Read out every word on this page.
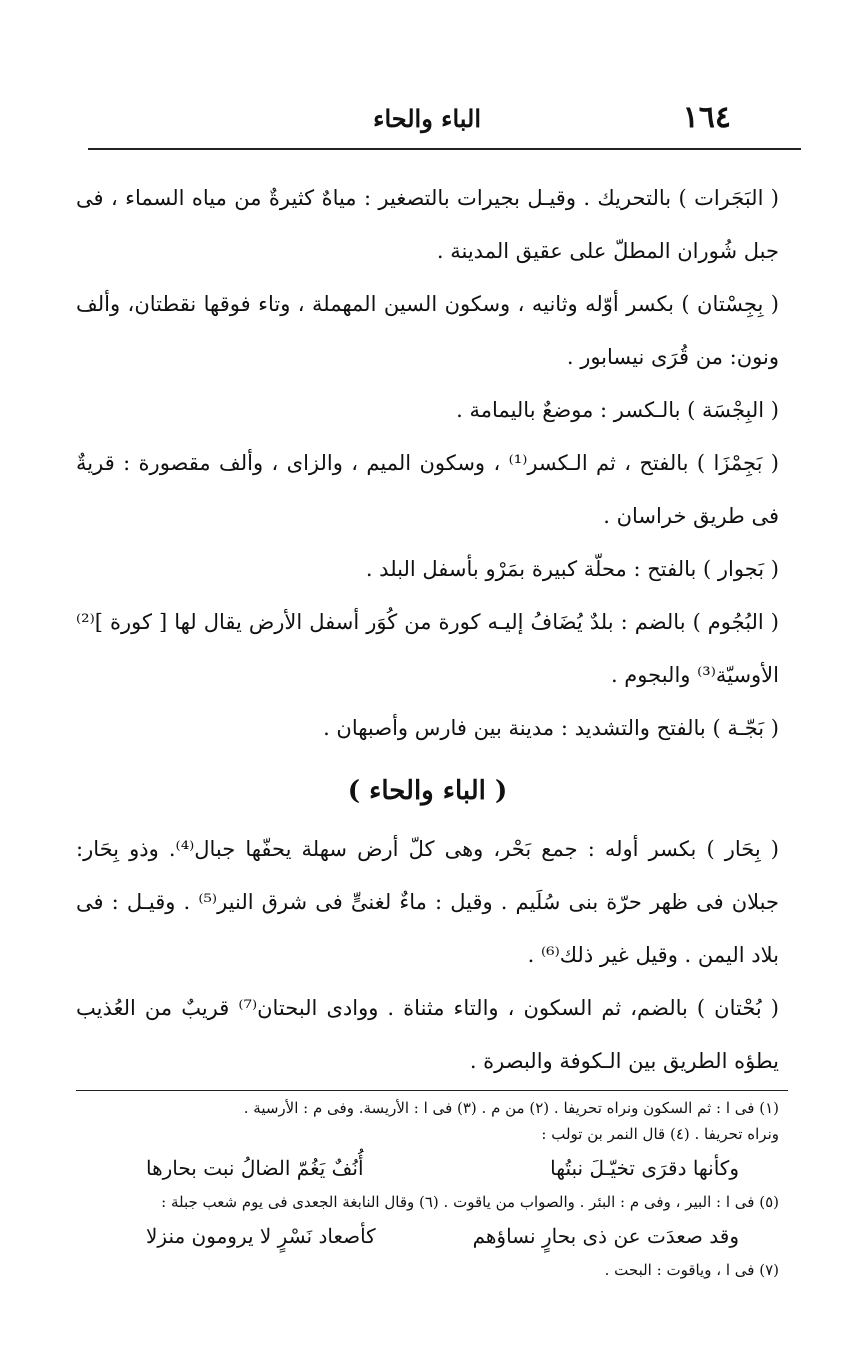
١٦٤
الباء والحاء

( البَجَرات ) بالتحريك . وقيـل بجيرات بالتصغير : مياهٌ كثيرةٌ من مياه السماء ، فى جبل شُوران المطلّ على عقيق المدينة .

( بِجِسْتان ) بكسر أوّله وثانيه ، وسكون السين المهملة ، وتاء فوقها نقطتان، وألف ونون: من قُرَى نيسابور .

( البِجْسَة ) بالـكسر : موضعٌ باليمامة .

( بَجِمْزَا ) بالفتح ، ثم الـكسر⁽¹⁾ ، وسكون الميم ، والزاى ، وألف مقصورة : قريةٌ فى طريق خراسان .

( بَجوار ) بالفتح : محلّة كبيرة بمَرْو بأسفل البلد .

( البُجُوم ) بالضم : بلدٌ يُضَافُ إليـه كورة من كُوَر أسفل الأرض يقال لها [ كورة ]⁽²⁾ الأوسيّة⁽³⁾ والبجوم .

( بَجّـة ) بالفتح والتشديد : مدينة بين فارس وأصبهان .

( الباء والحاء )

( بِحَار ) بكسر أوله : جمع بَحْر، وهى كلّ أرض سهلة يحفّها جبال⁽⁴⁾. وذو بِحَار: جبلان فى ظهر حرّة بنى سُلَيم . وقيل : ماءٌ لغنىٍّ فى شرق النير⁽⁵⁾ . وقيـل : فى بلاد اليمن . وقيل غير ذلك⁽⁶⁾ .

( بُحْتان ) بالضم، ثم السكون ، والتاء مثناة . ووادى البحتان⁽⁷⁾ قريبٌ من العُذيب يطؤه الطريق بين الـكوفة والبصرة .

(١) فى ا : ثم السكون ونراه تحريفا . (٢) من م . (٣) فى ا : الأريسة. وفى م : الأرسية .

ونراه تحريفا . (٤) قال النمر بن تولب :

وكأنها دقرَى تخيّـلَ نبتُها
أُنُفٌ يَغُمّ الضالُ نبت بحارها

(٥) فى ا : البير ، وفى م : البئر . والصواب من ياقوت . (٦) وقال النابغة الجعدى فى يوم شعب جبلة :

وقد صعدَت عن ذى بحارٍ نساؤهم
كأصعاد نَسْرٍ لا يرومون منزلا

(٧) فى ا ، وياقوت : البحت .
